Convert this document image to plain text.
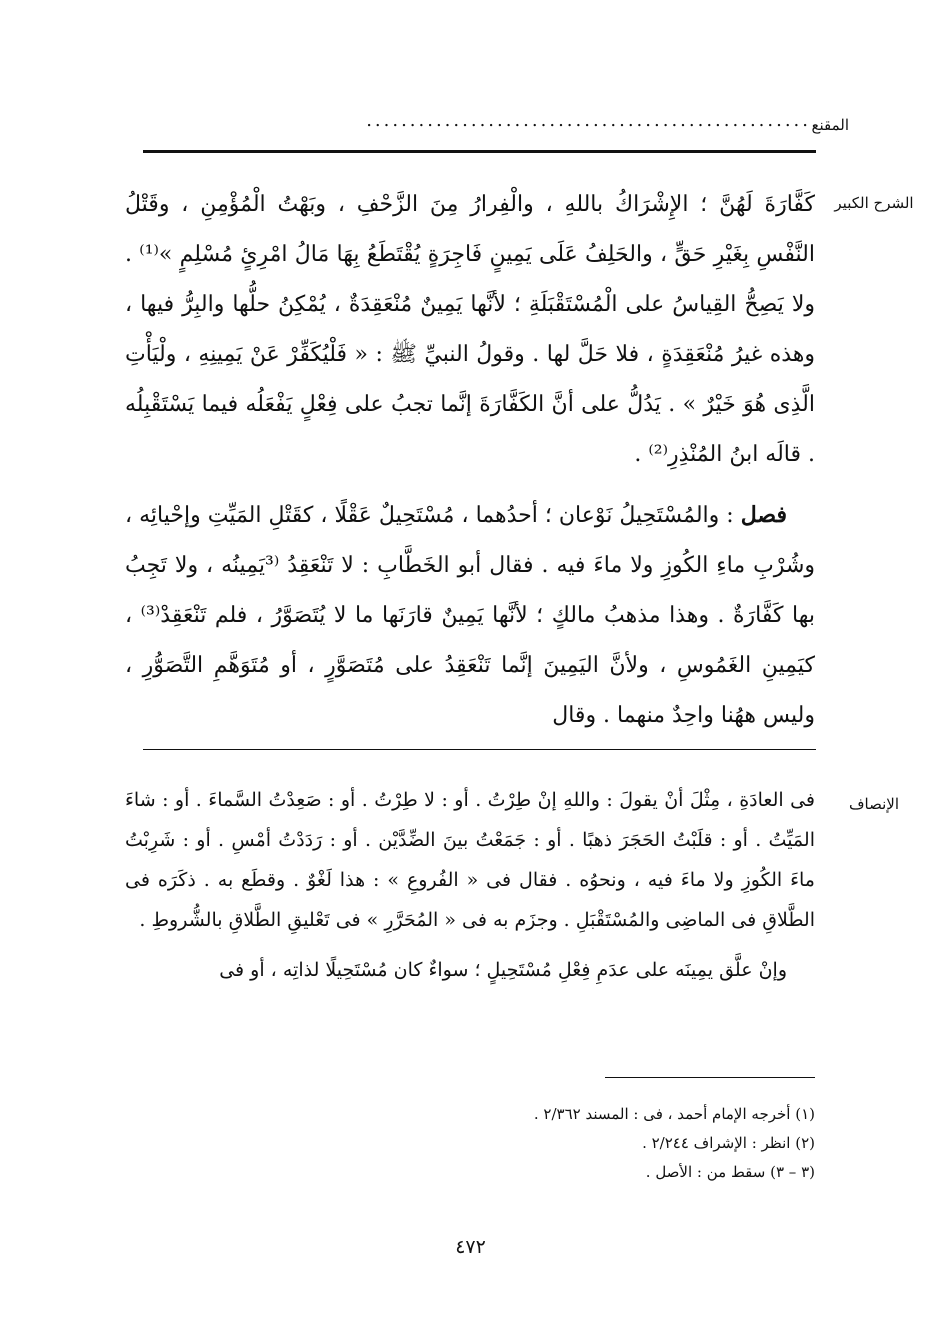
المقنع
...................................................
الشرح الكبير
الإنصاف

كَفَّارَةَ لَهُنَّ ؛ الإِشْرَاكُ باللهِ ، والْفِرارُ مِنَ الزَّحْفِ ، وبَهْتُ الْمُؤْمِنِ ، وقَتْلُ النَّفْسِ بِغَيْرِ حَقٍّ ، والحَلِفُ عَلَى يَمِينٍ فَاجِرَةٍ يُقْتَطَعُ بِهَا مَالُ امْرِئٍ مُسْلِمٍ »⁽¹⁾ . ولا يَصِحُّ القِياسُ على الْمُسْتَقْبَلَةِ ؛ لأنَّها يَمِينٌ مُنْعَقِدَةٌ ، يُمْكِنُ حلُّها والبِرُّ فيها ، وهذه غيرُ مُنْعَقِدَةٍ ، فلا حَلَّ لها . وقولُ النبيِّ ﷺ : « فَلْيُكَفِّرْ عَنْ يَمِينِهِ ، ولْيَأْتِ الَّذِى هُوَ خَيْرٌ » . يَدُلُّ على أنَّ الكَفَّارَةَ إنَّما تجبُ على فِعْلٍ يَفْعَلُه فيما يَسْتَقْبِلُه . قالَه ابنُ المُنْذِرِ⁽²⁾ .

فصل : والمُسْتَحِيلُ نَوْعان ؛ أحدُهما ، مُسْتَحِيلٌ عَقْلًا ، كقَتْلِ المَيِّتِ وإحْيائِه ، وشُرْبِ ماءِ الكُوزِ ولا ماءَ فيه . فقال أبو الخَطَّابِ : لا تَنْعَقِدُ ⁽³يَمِينُه ، ولا تَجِبُ بها كَفَّارَةٌ . وهذا مذهبُ مالكٍ ؛ لأنَّها يَمِينٌ قارَنَها ما لا يُتَصَوَّرُ ، فلم تَنْعَقِدْ⁽³⁾ ، كيَمِينِ الغَمُوسِ ، ولأنَّ اليَمِينَ إنَّما تَنْعَقِدُ على مُتَصَوَّرٍ ، أو مُتَوَهَّمِ التَّصَوُّرِ ، وليس ههُنا واحِدٌ منهما . وقال

فى العادَةِ ، مِثْلَ أنْ يقولَ : واللهِ إنْ طِرْتُ . أو : لا طِرْتُ . أو : صَعِدْتُ السَّماءَ . أو : شاءَ المَيِّتُ . أو : قلَبْتُ الحَجَرَ ذهبًا . أو : جَمَعْتُ بينَ الضِّدَّيْن . أو : رَدَدْتُ أمْسِ . أو : شَرِبْتُ ماءَ الكُوزِ ولا ماءَ فيه ، ونحوُه . فقال فى « الفُروعِ » : هذا لَغْوٌ . وقطَع به . ذكَرَه فى الطَّلاقِ فى الماضِى والمُسْتَقْبَلِ . وجزَم به فى « المُحَرَّرِ » فى تَعْليقِ الطَّلاقِ بالشُّروطِ .

وإنْ علَّق يمِينَه على عدَمِ فِعْلِ مُسْتَحِيلٍ ؛ سواءٌ كان مُسْتَحِيلًا لذاتِه ، أو فى

(١) أخرجه الإمام أحمد ، فى : المسند ٢/٣٦٢ .
(٢) انظر : الإشراف ٢/٢٤٤ .
(٣ – ٣) سقط من : الأصل .
٤٧٢
